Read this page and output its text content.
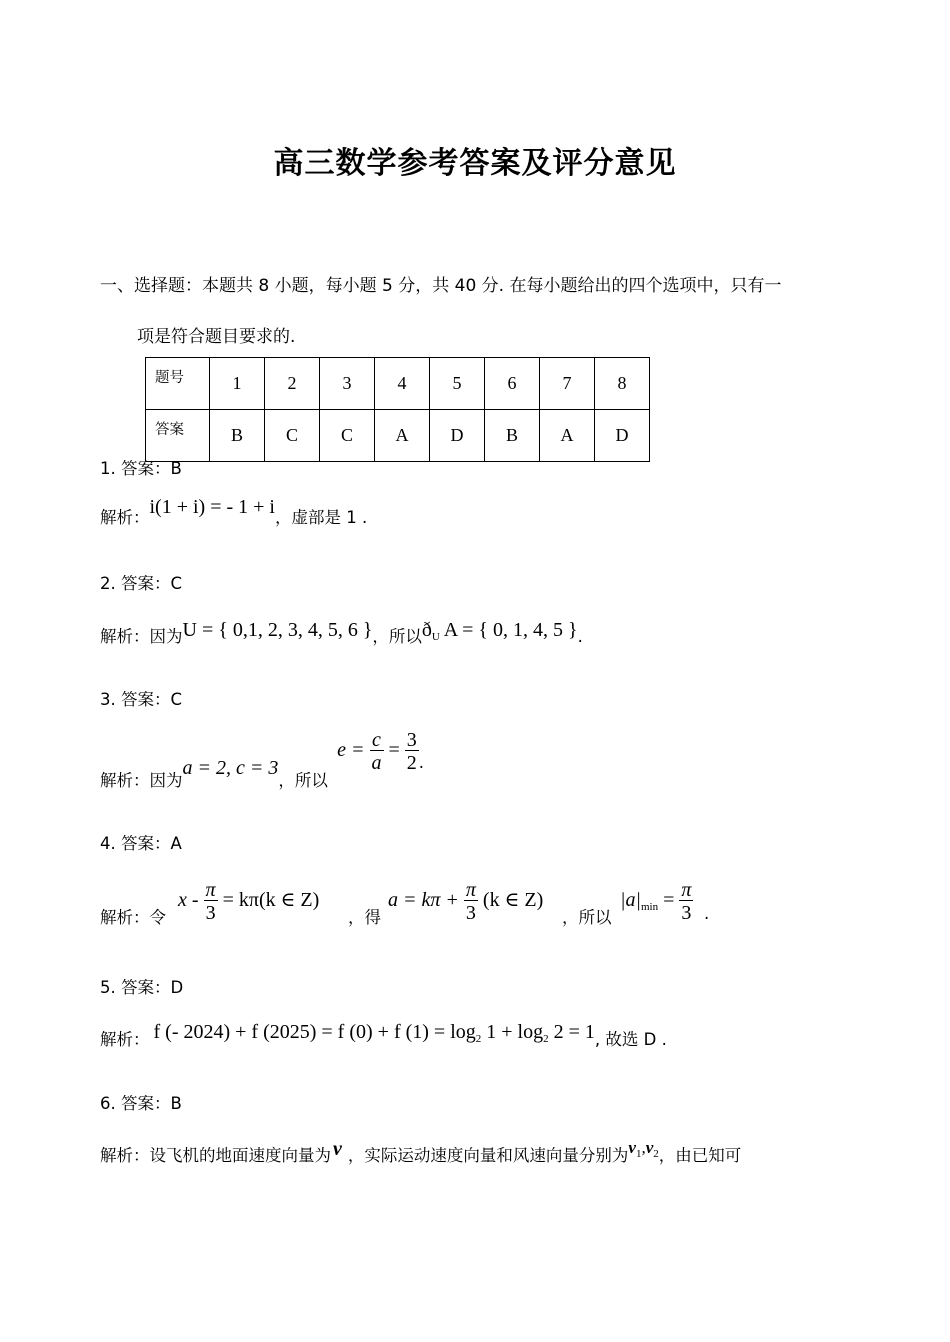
高三数学参考答案及评分意见
一、选择题：本题共 8 小题，每小题 5 分，共 40 分. 在每小题给出的四个选项中，只有一
项是符合题目要求的.
题号	1	2	3	4	5	6	7	8
答案	B	C	C	A	D	B	A	D
1. 答案：B
解析：i(1 + i) = - 1 + i，虚部是 1 .
2. 答案：C
解析：因为U = { 0,1, 2, 3, 4, 5, 6 }，所以$ð_U$ A = { 0, 1, 4, 5 }.
3. 答案：C
解析：因为a = 2, c = 3，所以 $e = \frac{c}{a} = \frac{3}{2}$ .
4. 答案：A
解析：令
$x - \frac{\pi}{3} = k\pi(k$ ∈ Z)
，得
$a = k\pi + \frac{\pi}{3} (k$ ∈ Z)
，所以
$|a|_{min} = \frac{\pi}{3}$ .
5. 答案：D
解析： f (- 2024) + f (2025) = f (0) + f $(1) = \log_2 1 + \log_2 2 = 1$, 故选 D .
6. 答案：B
解析：设飞机的地面速度向量为 v ，实际运动速度向量和风速向量分别为$v_1,v_2$，由已知可
